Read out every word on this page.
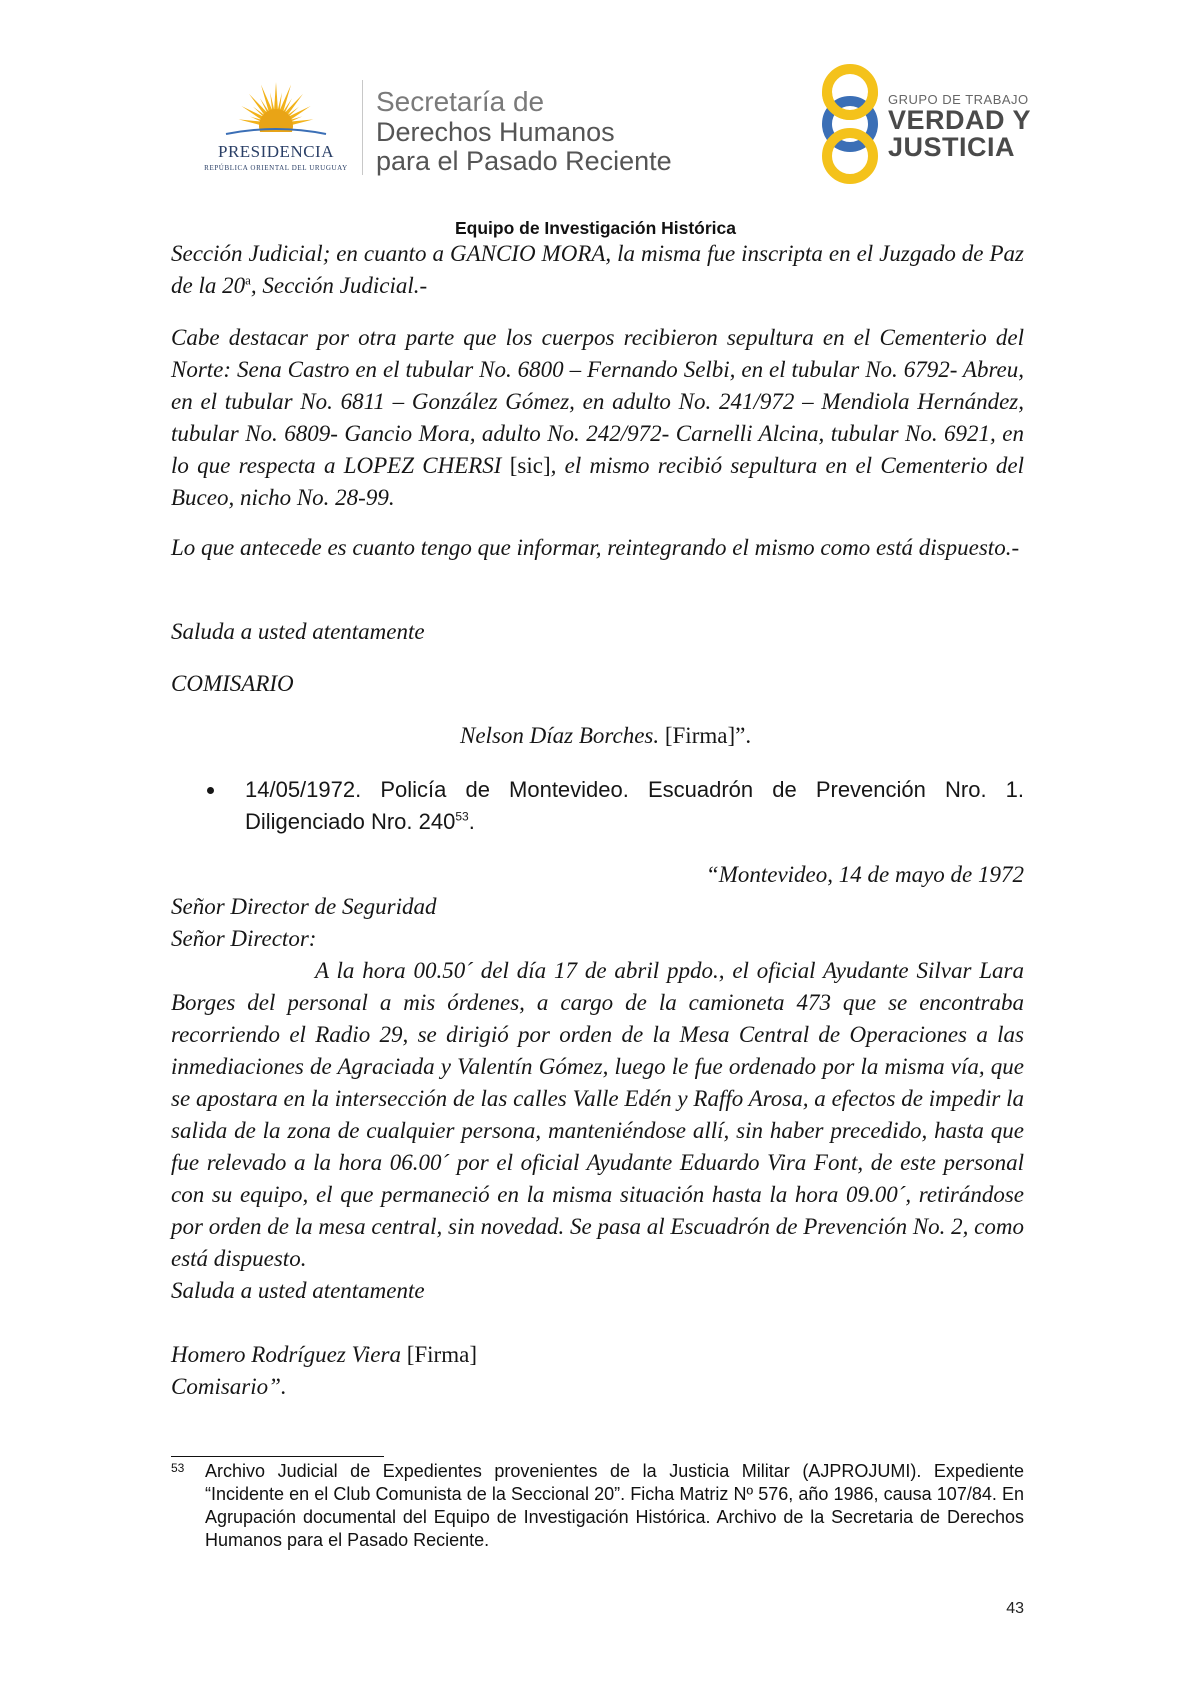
PRESIDENCIA
REPÚBLICA ORIENTAL DEL URUGUAY
Secretaría de
Derechos Humanos
para el Pasado Reciente
GRUPO DE TRABAJO
VERDAD Y
JUSTICIA
Equipo de Investigación Histórica
Sección Judicial; en cuanto a GANCIO MORA, la misma fue inscripta en el Juzgado de Paz de la 20$^a$, Sección Judicial.-
Cabe destacar por otra parte que los cuerpos recibieron sepultura en el Cementerio del Norte: Sena Castro en el tubular No. 6800 – Fernando Selbi, en el tubular No. 6792- Abreu, en el tubular No. 6811 – González Gómez, en adulto No. 241/972 – Mendiola Hernández, tubular No. 6809- Gancio Mora, adulto No. 242/972- Carnelli Alcina, tubular No. 6921, en lo que respecta a LOPEZ CHERSI [sic], el mismo recibió sepultura en el Cementerio del Buceo, nicho No. 28-99.
Lo que antecede es cuanto tengo que informar, reintegrando el mismo como está dispuesto.-
Saluda a usted atentamente
COMISARIO
Nelson Díaz Borches. [Firma]”.
14/05/1972. Policía de Montevideo. Escuadrón de Prevención Nro. 1. Diligenciado Nro. $240^{53}$.
“Montevideo, 14 de mayo de 1972
Señor Director de Seguridad
Señor Director:
A la hora 00.50´ del día 17 de abril ppdo., el oficial Ayudante Silvar Lara Borges del personal a mis órdenes, a cargo de la camioneta 473 que se encontraba recorriendo el Radio 29, se dirigió por orden de la Mesa Central de Operaciones a las inmediaciones de Agraciada y Valentín Gómez, luego le fue ordenado por la misma vía, que se apostara en la intersección de las calles Valle Edén y Raffo Arosa, a efectos de impedir la salida de la zona de cualquier persona, manteniéndose allí, sin haber precedido, hasta que fue relevado a la hora 06.00´ por el oficial Ayudante Eduardo Vira Font, de este personal con su equipo, el que permaneció en la misma situación hasta la hora 09.00´, retirándose por orden de la mesa central, sin novedad. Se pasa al Escuadrón de Prevención No. 2, como está dispuesto.
Saluda a usted atentamente
Homero Rodríguez Viera [Firma]
Comisario”.
53 Archivo Judicial de Expedientes provenientes de la Justicia Militar (AJPROJUMI). Expediente “Incidente en el Club Comunista de la Seccional 20”. Ficha Matriz Nº 576, año 1986, causa 107/84. En Agrupación documental del Equipo de Investigación Histórica. Archivo de la Secretaria de Derechos Humanos para el Pasado Reciente.
43
